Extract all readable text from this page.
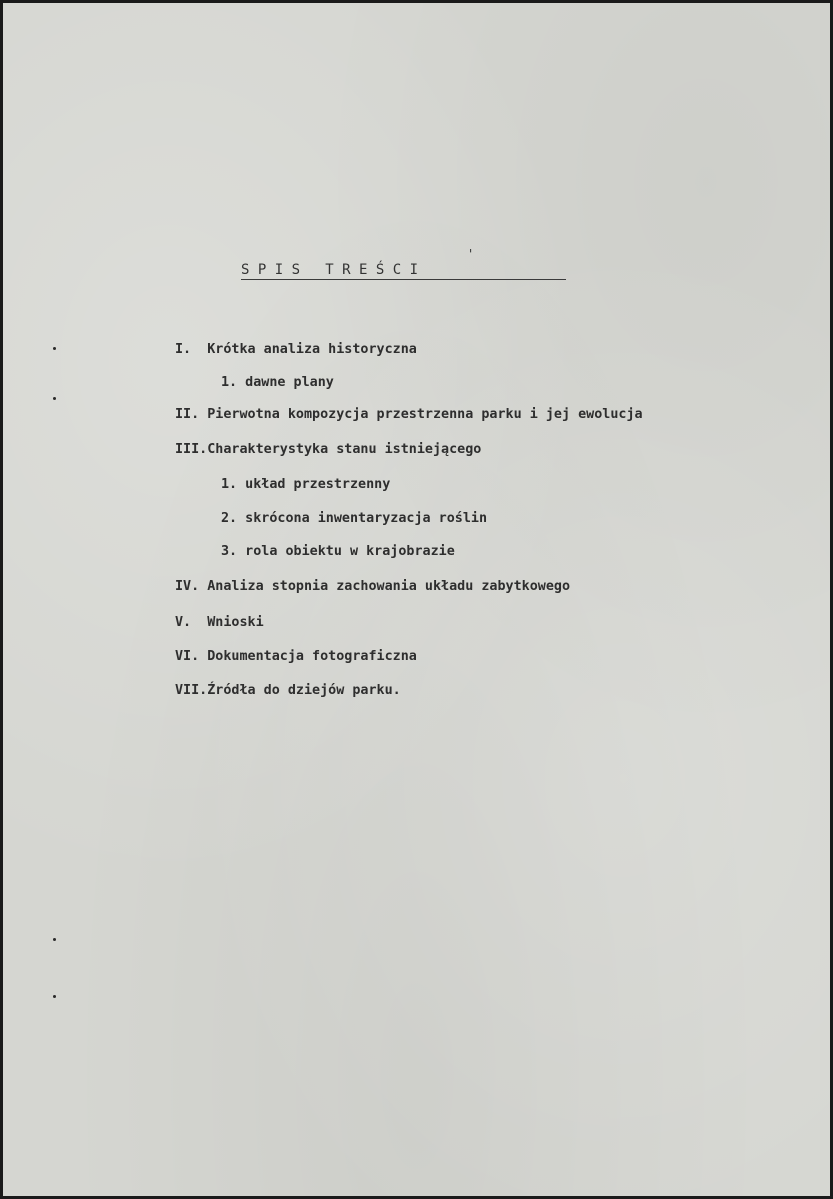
'
S P I S   T R E Ś C I
I.  Krótka analiza historyczna
1. dawne plany
II. Pierwotna kompozycja przestrzenna parku i jej ewolucja
III.Charakterystyka stanu istniejącego
1. układ przestrzenny
2. skrócona inwentaryzacja roślin
3. rola obiektu w krajobrazie
IV. Analiza stopnia zachowania układu zabytkowego
V.  Wnioski
VI. Dokumentacja fotograficzna
VII.Źródła do dziejów parku.
